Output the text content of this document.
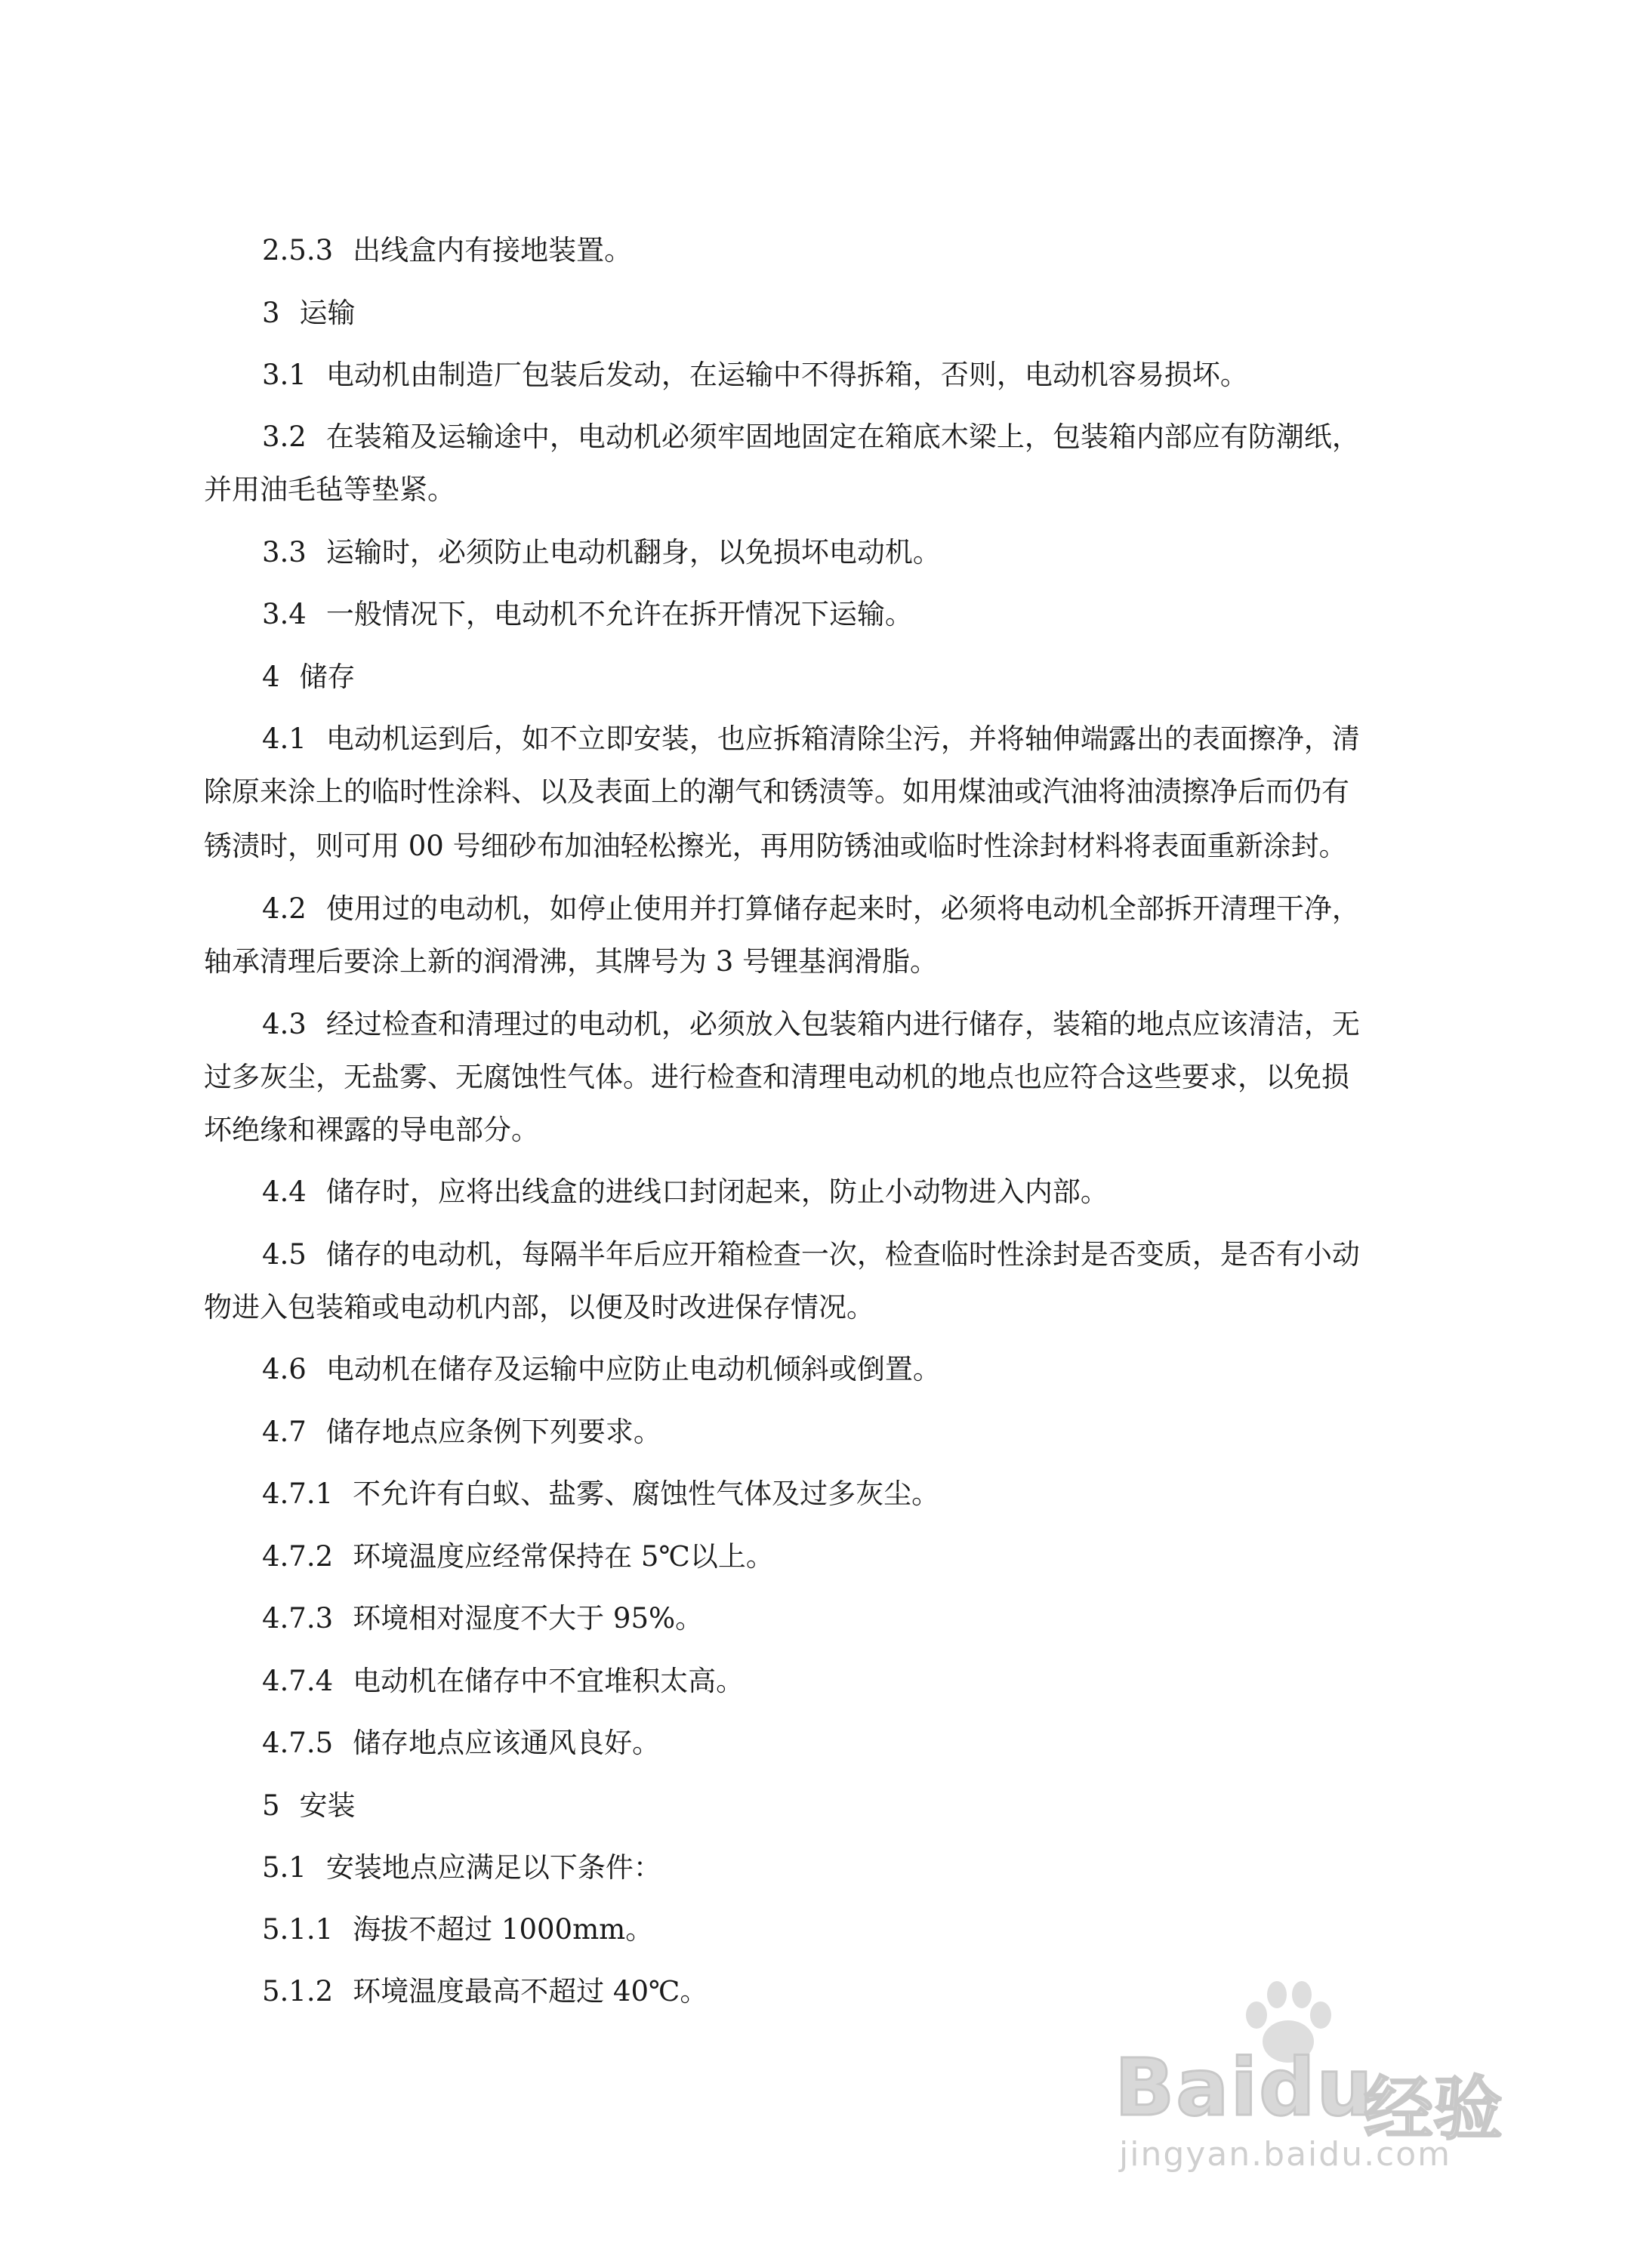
2.5.3 出线盒内有接地装置。
3 运输
3.1 电动机由制造厂包装后发动，在运输中不得拆箱，否则，电动机容易损坏。
3.2 在装箱及运输途中，电动机必须牢固地固定在箱底木梁上，包装箱内部应有防潮纸，
并用油毛毡等垫紧。
3.3 运输时，必须防止电动机翻身，以免损坏电动机。
3.4 一般情况下，电动机不允许在拆开情况下运输。
4 储存
4.1 电动机运到后，如不立即安装，也应拆箱清除尘污，并将轴伸端露出的表面擦净，清
除原来涂上的临时性涂料、以及表面上的潮气和锈渍等。如用煤油或汽油将油渍擦净后而仍有
锈渍时，则可用 00 号细砂布加油轻松擦光，再用防锈油或临时性涂封材料将表面重新涂封。
4.2 使用过的电动机，如停止使用并打算储存起来时，必须将电动机全部拆开清理干净，
轴承清理后要涂上新的润滑沸，其牌号为 3 号锂基润滑脂。
4.3 经过检查和清理过的电动机，必须放入包装箱内进行储存，装箱的地点应该清洁，无
过多灰尘，无盐雾、无腐蚀性气体。进行检查和清理电动机的地点也应符合这些要求，以免损
坏绝缘和裸露的导电部分。
4.4 储存时，应将出线盒的进线口封闭起来，防止小动物进入内部。
4.5 储存的电动机，每隔半年后应开箱检查一次，检查临时性涂封是否变质，是否有小动
物进入包装箱或电动机内部，以便及时改进保存情况。
4.6 电动机在储存及运输中应防止电动机倾斜或倒置。
4.7 储存地点应条例下列要求。
4.7.1 不允许有白蚁、盐雾、腐蚀性气体及过多灰尘。
4.7.2 环境温度应经常保持在 5℃以上。
4.7.3 环境相对湿度不大于 95%。
4.7.4 电动机在储存中不宜堆积太高。
4.7.5 储存地点应该通风良好。
5 安装
5.1 安装地点应满足以下条件：
5.1.1 海拔不超过 1000mm。
5.1.2 环境温度最高不超过 40℃。
Baidu
经验
jingyan.baidu.com
